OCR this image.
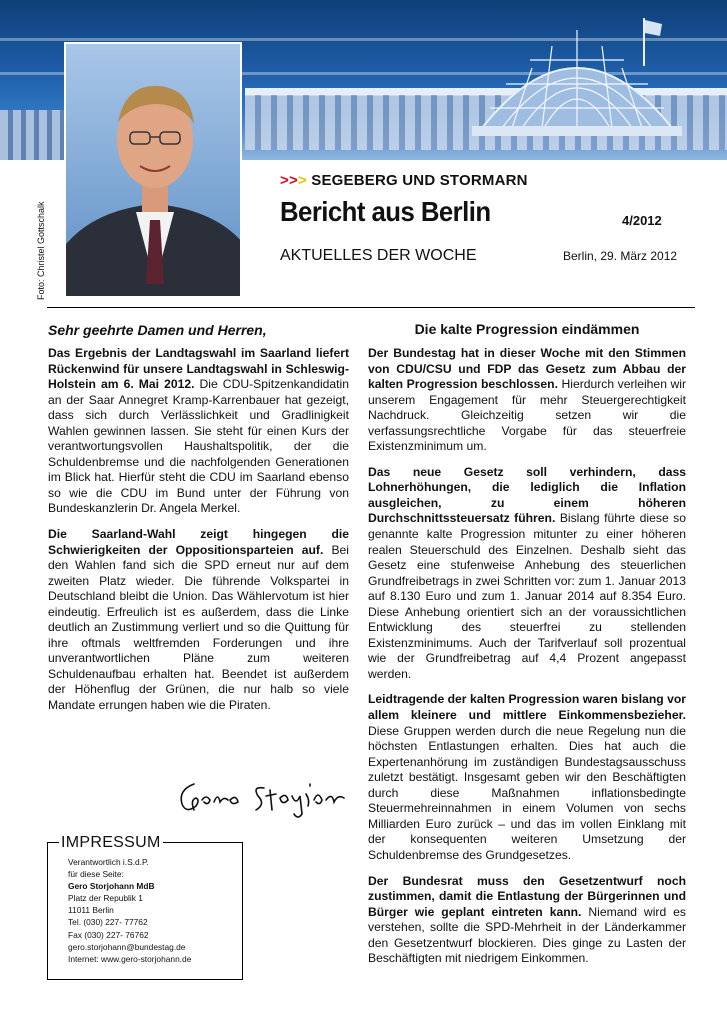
Foto: Christel Gottschalk
>>> SEGEBERG UND STORMARN
Bericht aus Berlin	4/2012
AKTUELLES DER WOCHE	Berlin, 29. März 2012
Sehr geehrte Damen und Herren,

Das Ergebnis der Landtagswahl im Saarland liefert Rückenwind für unsere Landtagswahl in Schleswig-Holstein am 6. Mai 2012. Die CDU-Spitzenkandidatin an der Saar Annegret Kramp-Karrenbauer hat gezeigt, dass sich durch Verlässlichkeit und Gradlinigkeit Wahlen gewinnen lassen. Sie steht für einen Kurs der verantwortungsvollen Haushaltspolitik, der die Schuldenbremse und die nachfolgenden Generationen im Blick hat. Hierfür steht die CDU im Saarland ebenso so wie die CDU im Bund unter der Führung von Bundeskanzlerin Dr. Angela Merkel.

Die Saarland-Wahl zeigt hingegen die Schwierigkeiten der Oppositionsparteien auf. Bei den Wahlen fand sich die SPD erneut nur auf dem zweiten Platz wieder. Die führende Volkspartei in Deutschland bleibt die Union. Das Wählervotum ist hier eindeutig. Erfreulich ist es außerdem, dass die Linke deutlich an Zustimmung verliert und so die Quittung für ihre oftmals weltfremden Forderungen und ihre unverantwortlichen Pläne zum weiteren Schuldenaufbau erhalten hat. Beendet ist außerdem der Höhenflug der Grünen, die nur halb so viele Mandate errungen haben wie die Piraten.

IMPRESSUM
Verantwortlich i.S.d.P.
für diese Seite:
Gero Storjohann MdB
Platz der Republik 1
11011 Berlin
Tel. (030) 227- 77762
Fax (030) 227- 76762
gero.storjohann@bundestag.de
Internet: www.gero-storjohann.de
Die kalte Progression eindämmen

Der Bundestag hat in dieser Woche mit den Stimmen von CDU/CSU und FDP das Gesetz zum Abbau der kalten Progression beschlossen. Hierdurch verleihen wir unserem Engagement für mehr Steuergerechtigkeit Nachdruck. Gleichzeitig setzen wir die verfassungsrechtliche Vorgabe für das steuerfreie Existenzminimum um.

Das neue Gesetz soll verhindern, dass Lohnerhöhungen, die lediglich die Inflation ausgleichen, zu einem höheren Durchschnittssteuersatz führen. Bislang führte diese so genannte kalte Progression mitunter zu einer höheren realen Steuerschuld des Einzelnen. Deshalb sieht das Gesetz eine stufenweise Anhebung des steuerlichen Grundfreibetrags in zwei Schritten vor: zum 1. Januar 2013 auf 8.130 Euro und zum 1. Januar 2014 auf 8.354 Euro. Diese Anhebung orientiert sich an der voraussichtlichen Entwicklung des steuerfrei zu stellenden Existenzminimums. Auch der Tarifverlauf soll prozentual wie der Grundfreibetrag auf 4,4 Prozent angepasst werden.

Leidtragende der kalten Progression waren bislang vor allem kleinere und mittlere Einkommensbezieher. Diese Gruppen werden durch die neue Regelung nun die höchsten Entlastungen erhalten. Dies hat auch die Expertenanhörung im zuständigen Bundestagsausschuss zuletzt bestätigt. Insgesamt geben wir den Beschäftigten durch diese Maßnahmen inflationsbedingte Steuermehreinnahmen in einem Volumen von sechs Milliarden Euro zurück – und das im vollen Einklang mit der konsequenten weiteren Umsetzung der Schuldenbremse des Grundgesetzes.

Der Bundesrat muss den Gesetzentwurf noch zustimmen, damit die Entlastung der Bürgerinnen und Bürger wie geplant eintreten kann. Niemand wird es verstehen, sollte die SPD-Mehrheit in der Länderkammer den Gesetzentwurf blockieren. Dies ginge zu Lasten der Beschäftigten mit niedrigem Einkommen.
